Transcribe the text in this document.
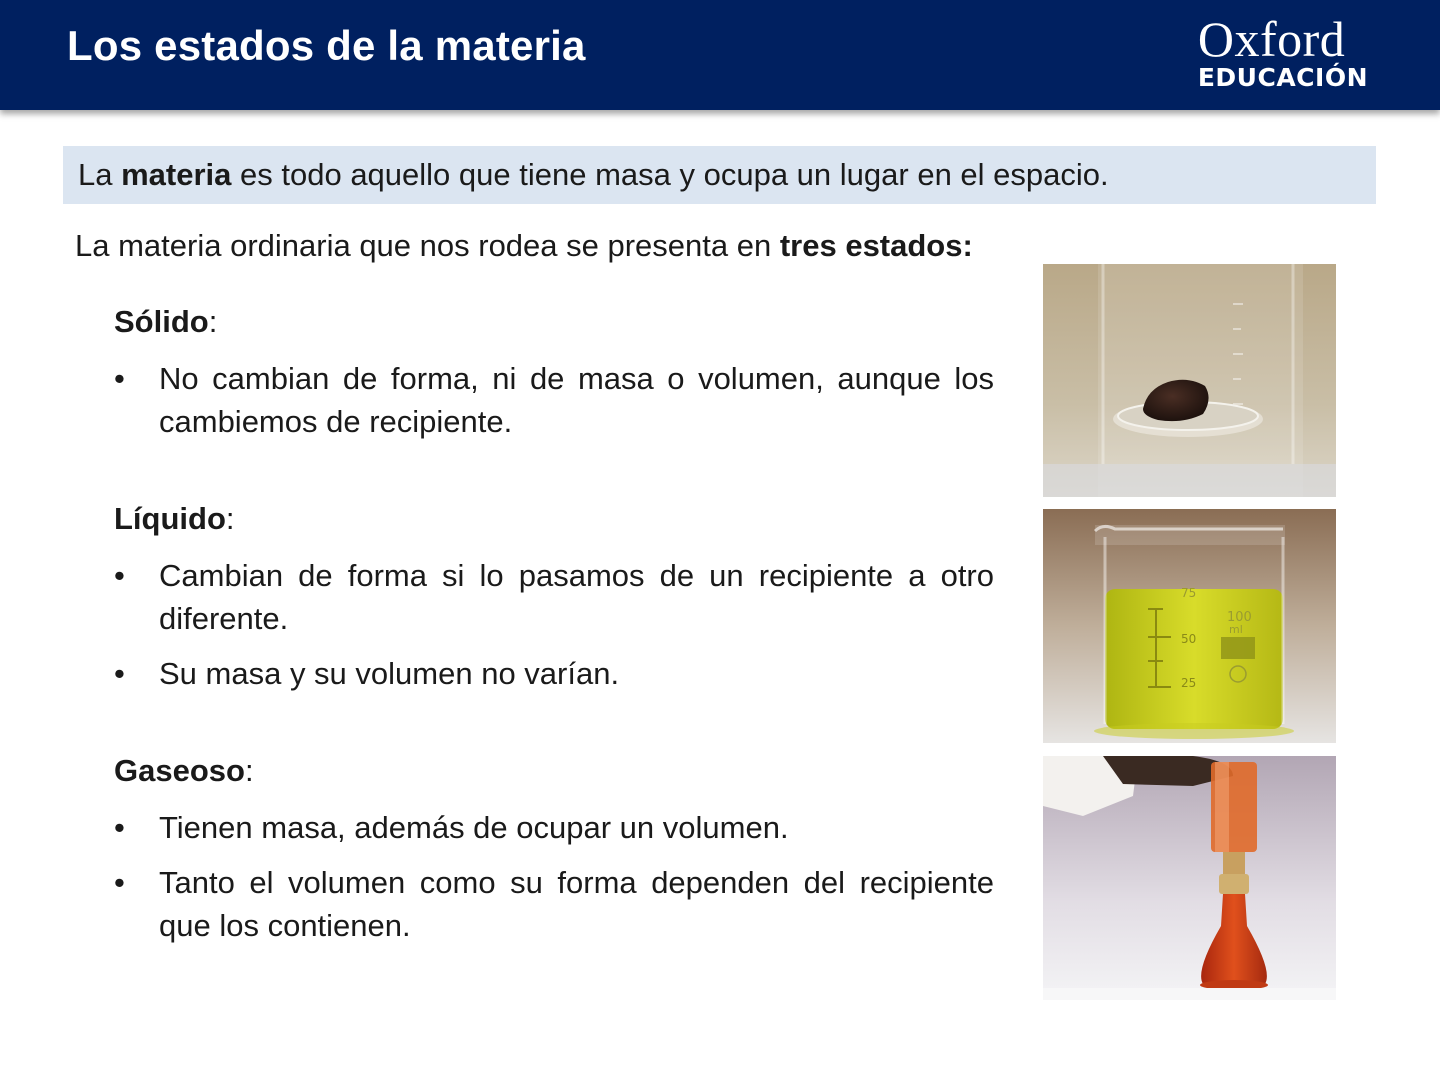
Los estados de la materia	Oxford
EDUCACIÓN
La materia es todo aquello que tiene masa y ocupa un lugar en el espacio.
La materia ordinaria que nos rodea se presenta en tres estados:
Sólido:
• No cambian de forma, ni de masa o volumen, aunque los cambiemos de recipiente.
Líquido:
• Cambian de forma si lo pasamos de un recipiente a otro diferente.
• Su masa y su volumen no varían.
Gaseoso:
• Tienen masa, además de ocupar un volumen.
• Tanto el volumen como su forma dependen del recipiente que los contienen.
75
50
25
100
ml
